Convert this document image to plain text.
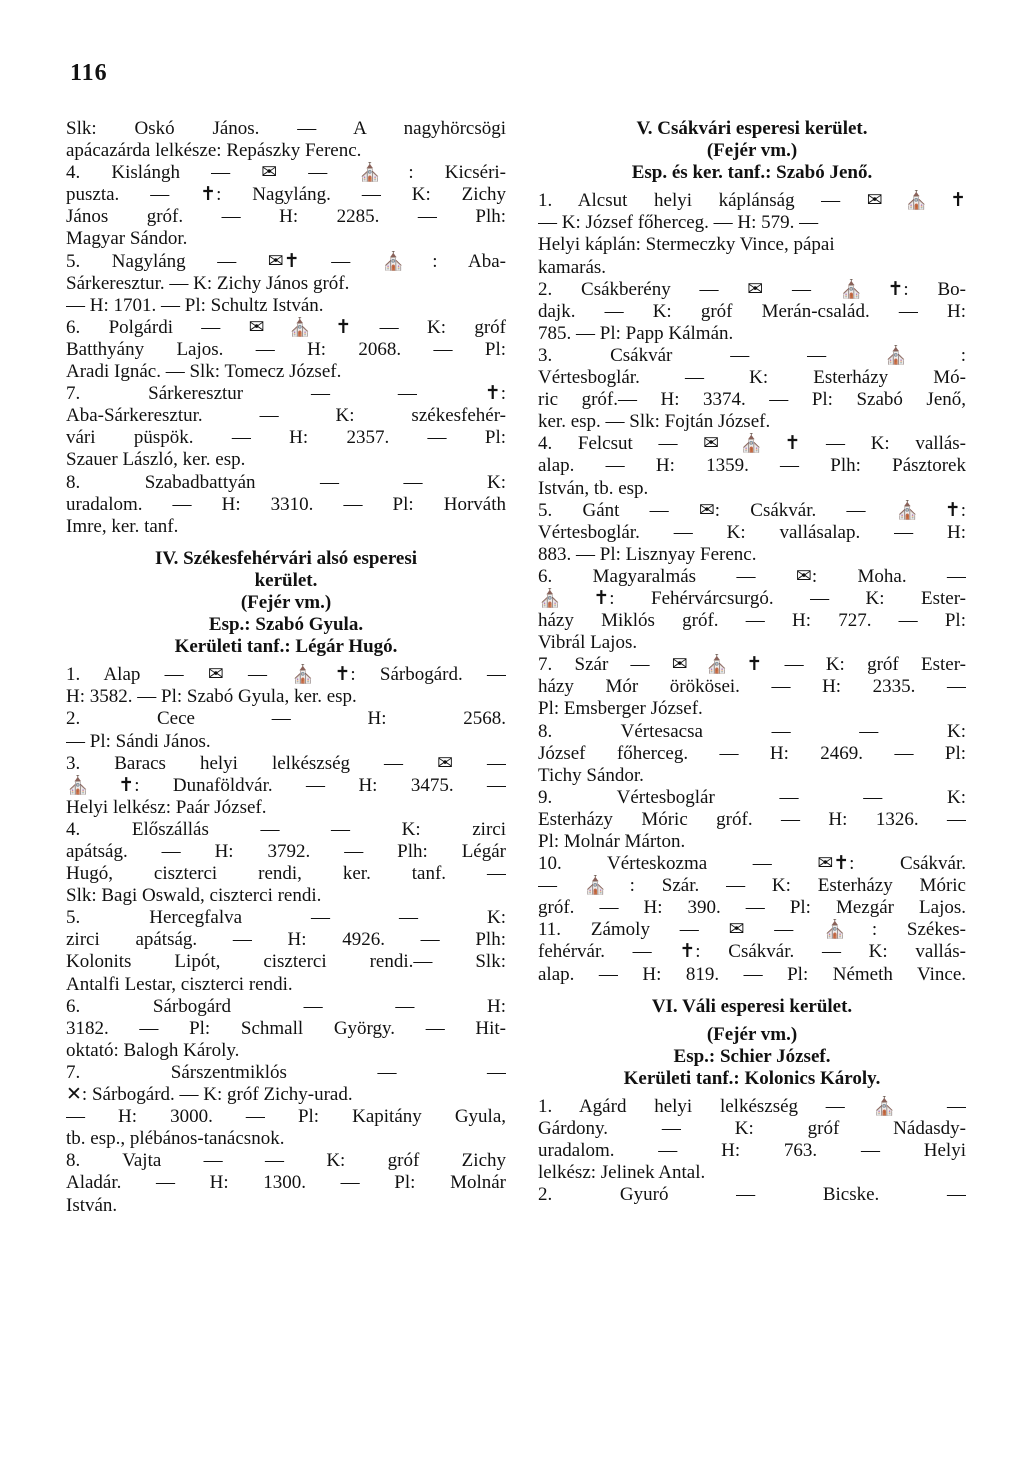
116
Slk: Oskó János. — A nagyhörcsögi
apácazárda lelkésze: Repászky Ferenc.
4. Kislángh — ✉ — ⛪: Kicséri-
puszta. — ✝: Nagyláng. — K: Zichy
János gróf. — H: 2285. — Plh:
Magyar Sándor.
5. Nagyláng — ✉✝ — ⛪: Aba-
Sárkeresztur. — K: Zichy János gróf.
— H: 1701. — Pl: Schultz István.
6. Polgárdi — ✉⛪✝ — K: gróf
Batthyány Lajos. — H: 2068. — Pl:
Aradi Ignác. — Slk: Tomecz József.
7. Sárkeresztur — — ✝:
Aba-Sárkeresztur. — K: székesfehér-
vári püspök. — H: 2357. — Pl:
Szauer László, ker. esp.
8. Szabadbattyán — — K:
uradalom. — H: 3310. — Pl: Horváth
Imre, ker. tanf.
IV. Székesfehérvári alsó esperesi
kerület.
(Fejér vm.)
Esp.: Szabó Gyula.
Kerületi tanf.: Légár Hugó.
1. Alap — ✉ — ⛪✝: Sárbogárd. —
H: 3582. — Pl: Szabó Gyula, ker. esp.
2. Cece — H: 2568.
— Pl: Sándi János.
3. Baracs helyi lelkészség — ✉ —
⛪✝: Dunaföldvár. — H: 3475. —
Helyi lelkész: Paár József.
4. Előszállás — — K: zirci
apátság. — H: 3792. — Plh: Légár
Hugó, ciszterci rendi, ker. tanf. —
Slk: Bagi Oswald, ciszterci rendi.
5. Hercegfalva — — K:
zirci apátság. — H: 4926. — Plh:
Kolonits Lipót, ciszterci rendi.— Slk:
Antalfi Lestar, ciszterci rendi.
6. Sárbogárd — — H:
3182. — Pl: Schmall György. — Hit-
oktató: Balogh Károly.
7. Sárszentmiklós — —
✕: Sárbogárd. — K: gróf Zichy-urad.
— H: 3000. — Pl: Kapitány Gyula,
tb. esp., plébános-tanácsnok.
8. Vajta — — K: gróf Zichy
Aladár. — H: 1300. — Pl: Molnár
István.
V. Csákvári esperesi kerület.
(Fejér vm.)
Esp. és ker. tanf.: Szabó Jenő.
1. Alcsut helyi káplánság — ✉⛪✝
— K: József főherceg. — H: 579. —
Helyi káplán: Stermeczky Vince, pápai
kamarás.
2. Csákberény — ✉ — ⛪✝: Bo-
dajk. — K: gróf Merán-család. — H:
785. — Pl: Papp Kálmán.
3. Csákvár — — ⛪:
Vértesboglár. — K: Esterházy Mó-
ric gróf.— H: 3374. — Pl: Szabó Jenő,
ker. esp. — Slk: Fojtán József.
4. Felcsut — ✉⛪✝ — K: vallás-
alap. — H: 1359. — Plh: Pásztorek
István, tb. esp.
5. Gánt — ✉: Csákvár. — ⛪✝:
Vértesboglár. — K: vallásalap. — H:
883. — Pl: Lisznyay Ferenc.
6. Magyaralmás — ✉: Moha. —
⛪✝: Fehérvárcsurgó. — K: Ester-
házy Miklós gróf. — H: 727. — Pl:
Vibrál Lajos.
7. Szár — ✉⛪✝ — K: gróf Ester-
házy Mór örökösei. — H: 2335. —
Pl: Emsberger József.
8. Vértesacsa — — K:
József főherceg. — H: 2469. — Pl:
Tichy Sándor.
9. Vértesboglár — — K:
Esterházy Móric gróf. — H: 1326. —
Pl: Molnár Márton.
10. Vérteskozma — ✉✝: Csákvár.
— ⛪: Szár. — K: Esterházy Móric
gróf. — H: 390. — Pl: Mezgár Lajos.
11. Zámoly — ✉ — ⛪: Székes-
fehérvár. — ✝: Csákvár. — K: vallás-
alap. — H: 819. — Pl: Németh Vince.
VI. Váli esperesi kerület.
(Fejér vm.)
Esp.: Schier József.
Kerületi tanf.: Kolonics Károly.
1. Agárd helyi lelkészség — ⛪ —
Gárdony. — K: gróf Nádasdy-
uradalom. — H: 763. — Helyi
lelkész: Jelinek Antal.
2. Gyuró — Bicske. —
